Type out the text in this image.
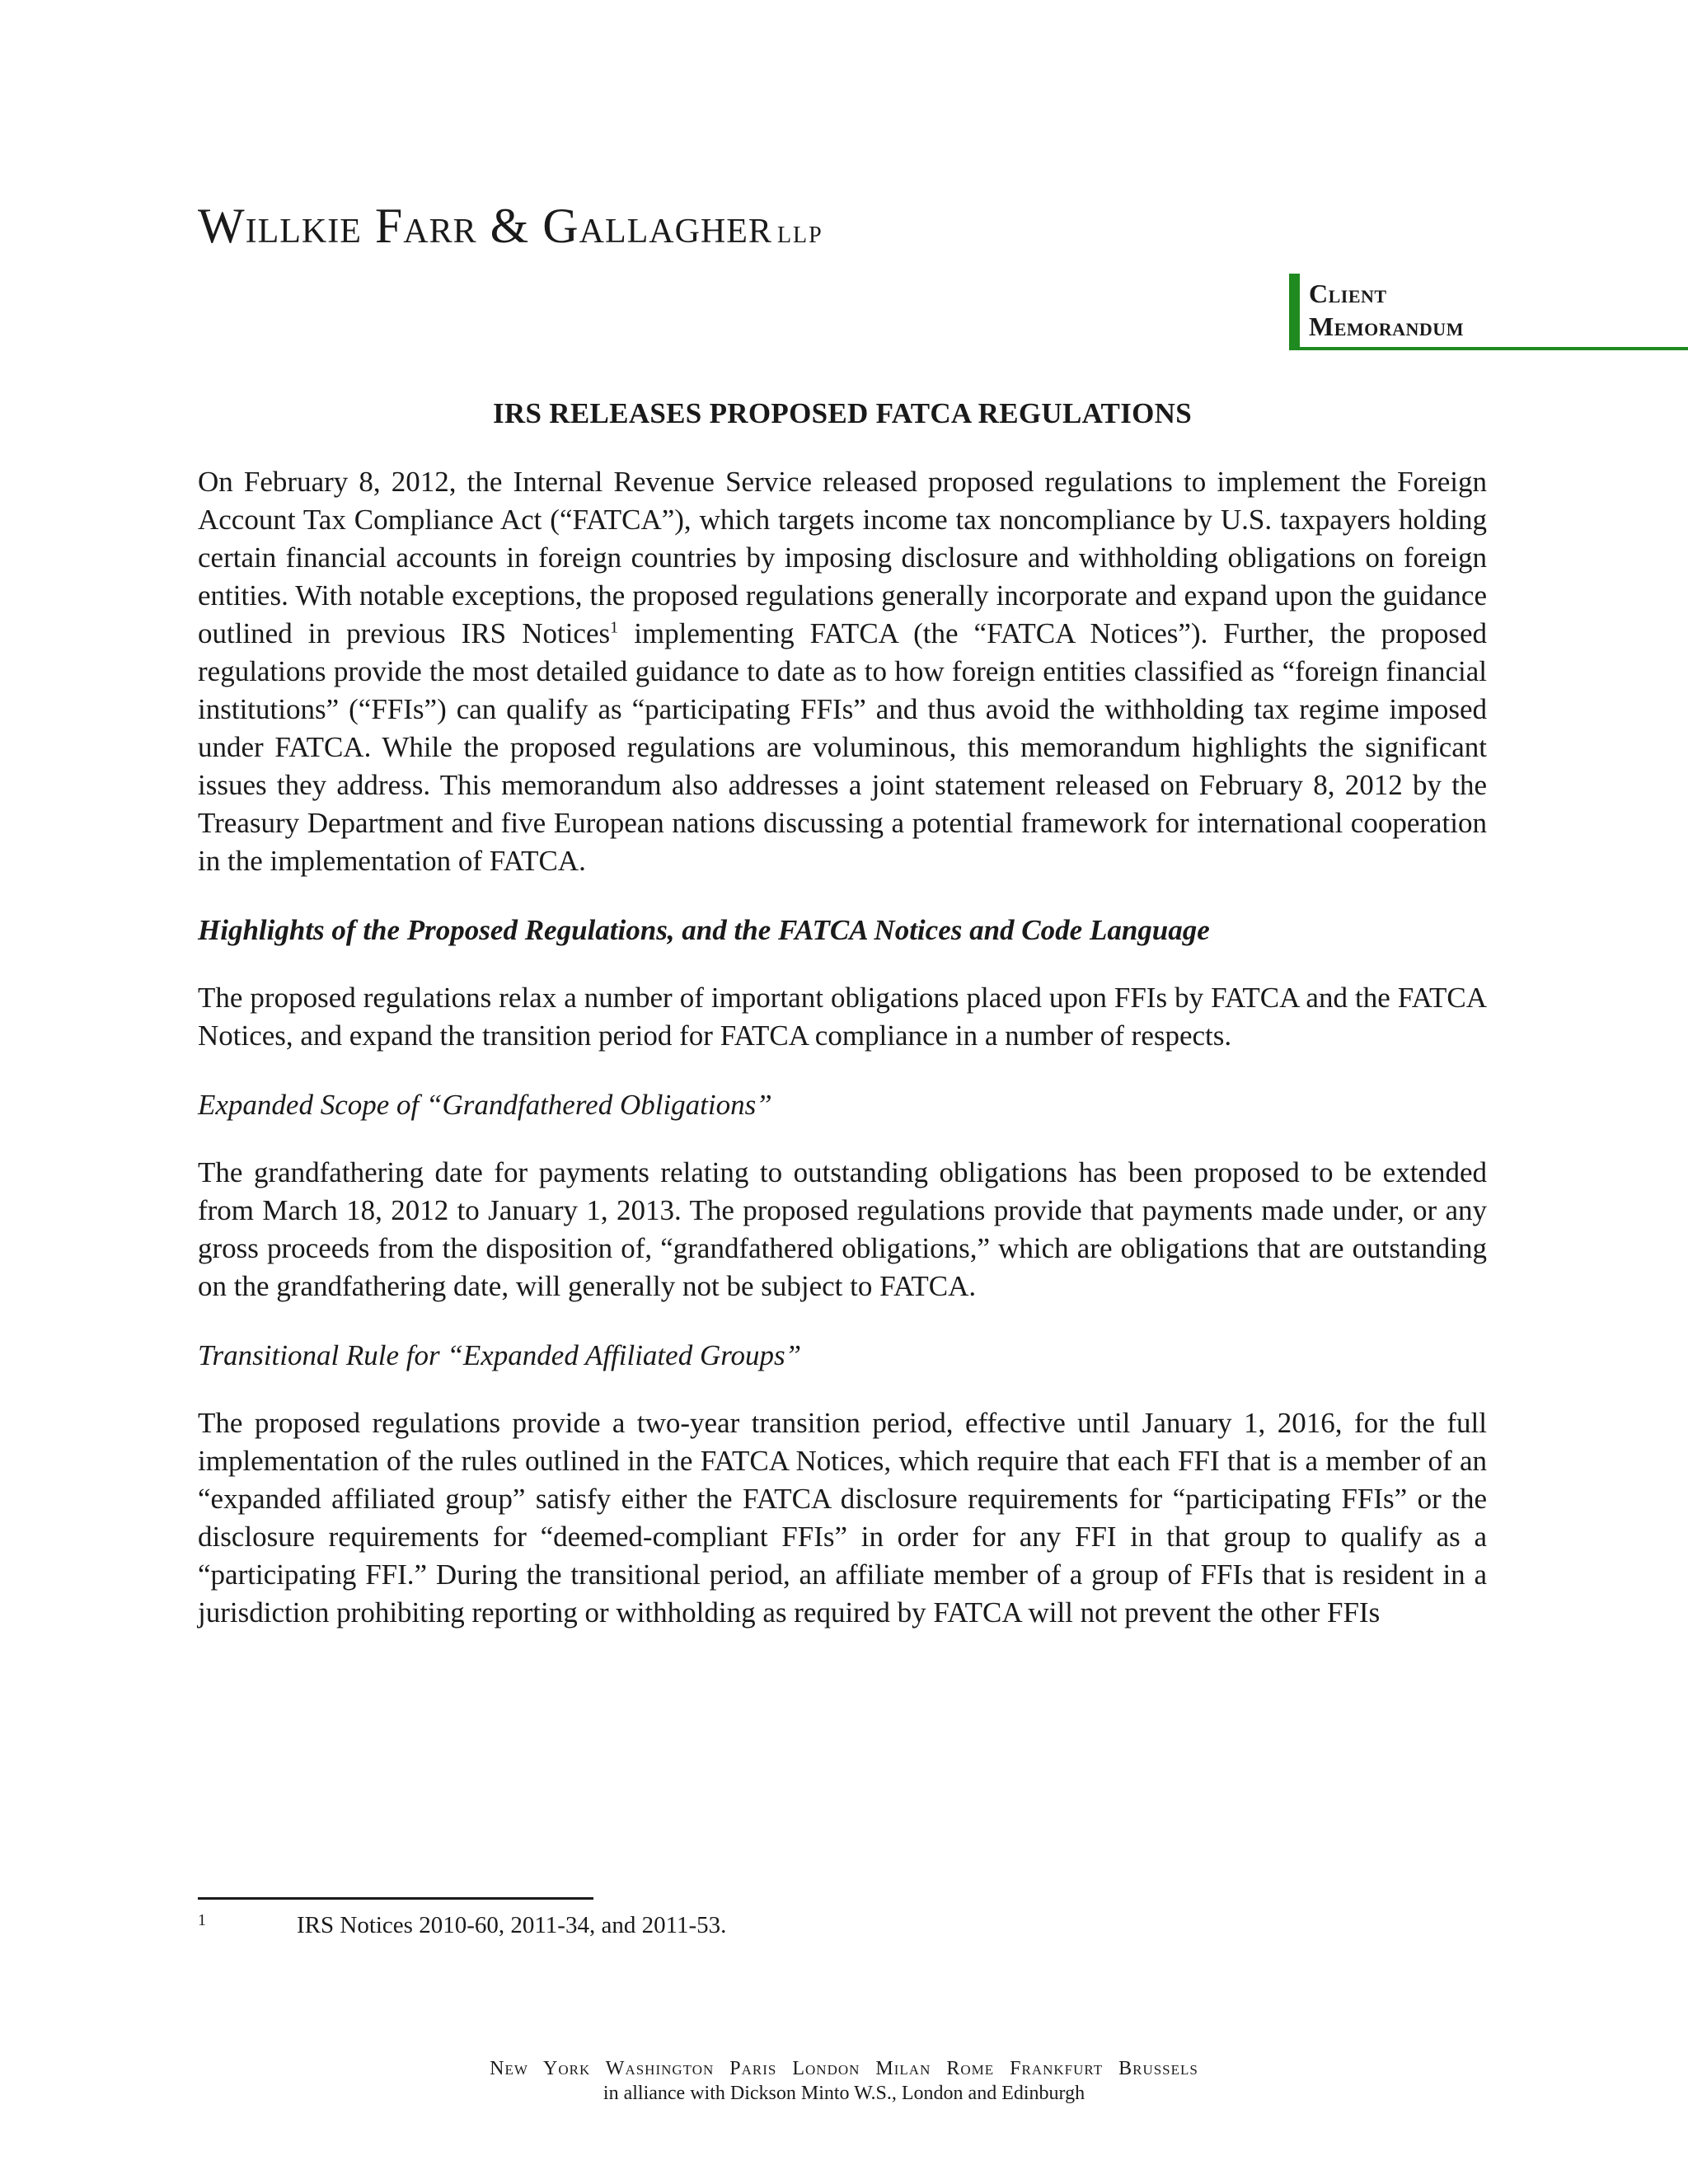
Willkie Farr & Gallagher LLP
Client
Memorandum
IRS RELEASES PROPOSED FATCA REGULATIONS

On February 8, 2012, the Internal Revenue Service released proposed regulations to implement the Foreign Account Tax Compliance Act (“FATCA”), which targets income tax noncompliance by U.S. taxpayers holding certain financial accounts in foreign countries by imposing disclosure and withholding obligations on foreign entities. With notable exceptions, the proposed regulations generally incorporate and expand upon the guidance outlined in previous IRS Notices$^1$ implementing FATCA (the “FATCA Notices”). Further, the proposed regulations provide the most detailed guidance to date as to how foreign entities classified as “foreign financial institutions” (“FFIs”) can qualify as “participating FFIs” and thus avoid the withholding tax regime imposed under FATCA. While the proposed regulations are voluminous, this memorandum highlights the significant issues they address. This memorandum also addresses a joint statement released on February 8, 2012 by the Treasury Department and five European nations discussing a potential framework for international cooperation in the implementation of FATCA.

Highlights of the Proposed Regulations, and the FATCA Notices and Code Language

The proposed regulations relax a number of important obligations placed upon FFIs by FATCA and the FATCA Notices, and expand the transition period for FATCA compliance in a number of respects.

Expanded Scope of “Grandfathered Obligations”

The grandfathering date for payments relating to outstanding obligations has been proposed to be extended from March 18, 2012 to January 1, 2013. The proposed regulations provide that payments made under, or any gross proceeds from the disposition of, “grandfathered obligations,” which are obligations that are outstanding on the grandfathering date, will generally not be subject to FATCA.

Transitional Rule for “Expanded Affiliated Groups”

The proposed regulations provide a two-year transition period, effective until January 1, 2016, for the full implementation of the rules outlined in the FATCA Notices, which require that each FFI that is a member of an “expanded affiliated group” satisfy either the FATCA disclosure requirements for “participating FFIs” or the disclosure requirements for “deemed-compliant FFIs” in order for any FFI in that group to qualify as a “participating FFI.” During the transitional period, an affiliate member of a group of FFIs that is resident in a jurisdiction prohibiting reporting or withholding as required by FATCA will not prevent the other FFIs

1	IRS Notices 2010-60, 2011-34, and 2011-53.
New York Washington Paris London Milan Rome Frankfurt Brussels
in alliance with Dickson Minto W.S., London and Edinburgh
